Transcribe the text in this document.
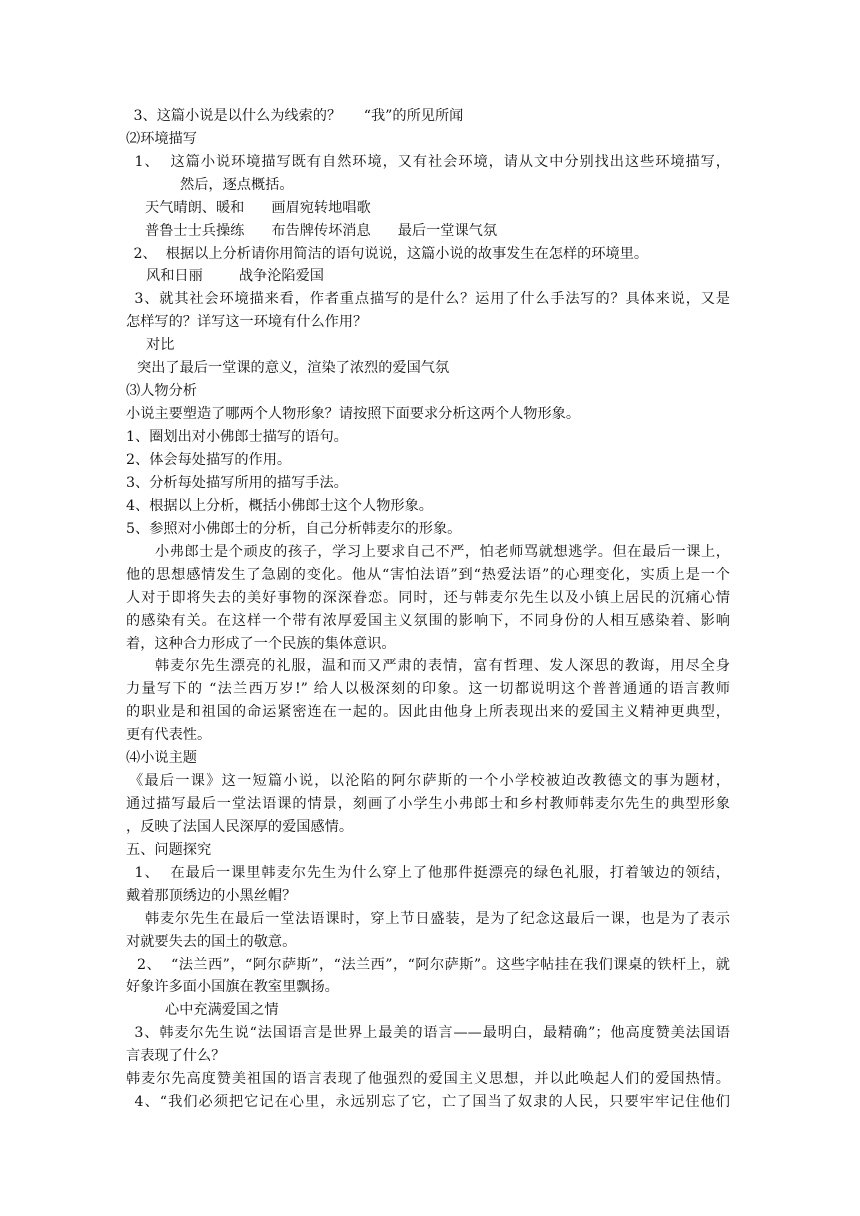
3、这篇小说是以什么为线索的？     “我”的所见所闻
⑵环境描写
1、  这篇小说环境描写既有自然环境，又有社会环境，请从文中分别找出这些环境描写，
然后，逐点概括。
天气晴朗、暖和      画眉宛转地唱歌
普鲁士士兵操练      布告牌传坏消息      最后一堂课气氛
2、  根据以上分析请你用简洁的语句说说，这篇小说的故事发生在怎样的环境里。
风和日丽        战争沦陷爱国
3、就其社会环境描来看，作者重点描写的是什么？运用了什么手法写的？具体来说，又是
怎样写的？详写这一环境有什么作用？
对比
突出了最后一堂课的意义，渲染了浓烈的爱国气氛
⑶人物分析
小说主要塑造了哪两个人物形象？请按照下面要求分析这两个人物形象。
1、圈划出对小佛郎士描写的语句。
2、体会每处描写的作用。
3、分析每处描写所用的描写手法。
4、根据以上分析，概括小佛郎士这个人物形象。
5、参照对小佛郎士的分析，自己分析韩麦尔的形象。
小弗郎士是个顽皮的孩子，学习上要求自己不严，怕老师骂就想逃学。但在最后一课上，
他的思想感情发生了急剧的变化。他从“害怕法语”到“热爱法语”的心理变化，实质上是一个
人对于即将失去的美好事物的深深眷恋。同时，还与韩麦尔先生以及小镇上居民的沉痛心情
的感染有关。在这样一个带有浓厚爱国主义氛围的影响下，不同身份的人相互感染着、影响
着，这种合力形成了一个民族的集体意识。
韩麦尔先生漂亮的礼服，温和而又严肃的表情，富有哲理、发人深思的教诲，用尽全身
力量写下的 “法兰西万岁!” 给人以极深刻的印象。这一切都说明这个普普通通的语言教师
的职业是和祖国的命运紧密连在一起的。因此由他身上所表现出来的爱国主义精神更典型，
更有代表性。
⑷小说主题
《最后一课》这一短篇小说，以沦陷的阿尔萨斯的一个小学校被迫改教德文的事为题材，
通过描写最后一堂法语课的情景，刻画了小学生小弗郎士和乡村教师韩麦尔先生的典型形象
，反映了法国人民深厚的爱国感情。
五、问题探究
1、  在最后一课里韩麦尔先生为什么穿上了他那件挺漂亮的绿色礼服，打着皱边的领结，
戴着那顶绣边的小黑丝帽？
韩麦尔先生在最后一堂法语课时，穿上节日盛装，是为了纪念这最后一课，也是为了表示
对就要失去的国土的敬意。
2、  “法兰西”，“阿尔萨斯”，“法兰西”，“阿尔萨斯”。这些字帖挂在我们课桌的铁杆上，就
好象许多面小国旗在教室里飘扬。
心中充满爱国之情
3、韩麦尔先生说“法国语言是世界上最美的语言——最明白，最精确”；他高度赞美法国语
言表现了什么？
韩麦尔先高度赞美祖国的语言表现了他强烈的爱国主义思想，并以此唤起人们的爱国热情。
4、“我们必须把它记在心里，永远别忘了它，亡了国当了奴隶的人民，只要牢牢记住他们
